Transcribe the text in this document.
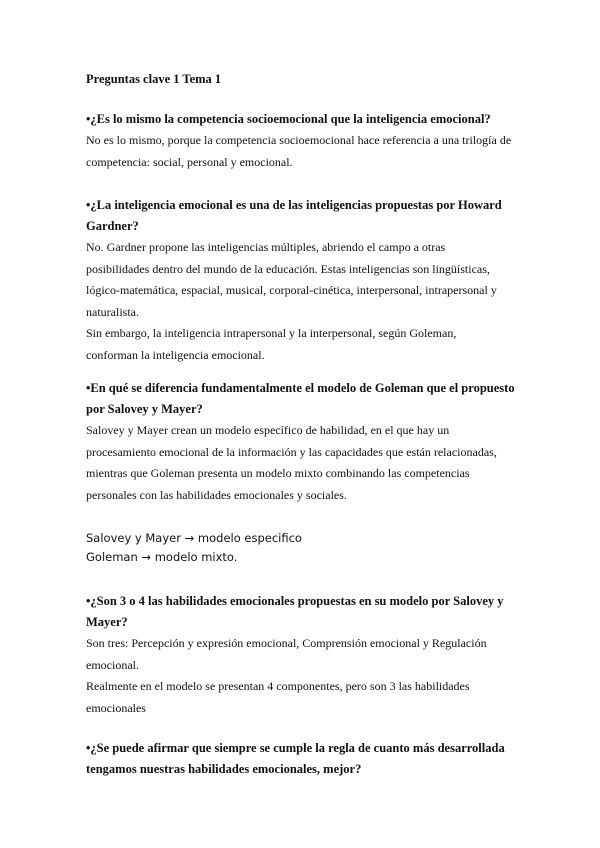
Preguntas clave 1 Tema 1

•¿Es lo mismo la competencia socioemocional que la inteligencia emocional?

No es lo mismo, porque la competencia socioemocional hace referencia a una trilogía de

competencia: social, personal y emocional.

•¿La inteligencia emocional es una de las inteligencias propuestas por Howard

Gardner?

No. Gardner propone las inteligencias múltiples, abriendo el campo a otras

posibilidades dentro del mundo de la educación. Estas inteligencias son lingüísticas,

lógico-matemática, espacial, musical, corporal-cinética, interpersonal, intrapersonal y

naturalista.

Sin embargo, la inteligencia intrapersonal y la interpersonal, según Goleman,

conforman la inteligencia emocional.

•En qué se diferencia fundamentalmente el modelo de Goleman que el propuesto

por Salovey y Mayer?

Salovey y Mayer crean un modelo específico de habilidad, en el que hay un

procesamiento emocional de la información y las capacidades que están relacionadas,

mientras que Goleman presenta un modelo mixto combinando las competencias

personales con las habilidades emocionales y sociales.

Salovey y Mayer → modelo especifico

Goleman → modelo mixto.

•¿Son 3 o 4 las habilidades emocionales propuestas en su modelo por Salovey y

Mayer?

Son tres: Percepción y expresión emocional, Comprensión emocional y Regulación

emocional.

Realmente en el modelo se presentan 4 componentes, pero son 3 las habilidades

emocionales

•¿Se puede afirmar que siempre se cumple la regla de cuanto más desarrollada

tengamos nuestras habilidades emocionales, mejor?
